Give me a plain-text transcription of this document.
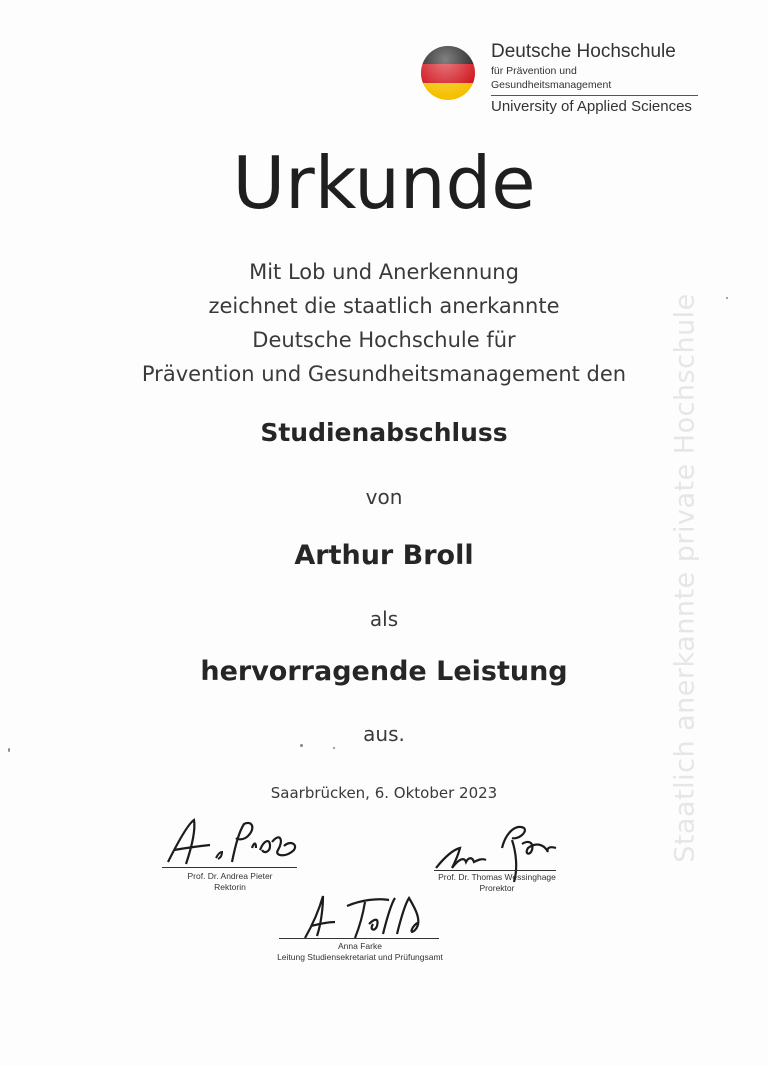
Deutsche Hochschule
für Prävention und Gesundheitsmanagement
University of Applied Sciences
Urkunde
Mit Lob und Anerkennung
zeichnet die staatlich anerkannte
Deutsche Hochschule für
Prävention und Gesundheitsmanagement den
Studienabschluss
von
Arthur Broll
als
hervorragende Leistung
aus.
Saarbrücken, 6. Oktober 2023	Staatlich anerkannte private Hochschule
Prof. Dr. Andrea Pieter
Rektorin
Prof. Dr. Thomas Wessinghage
Prorektor
Anna Farke
Leitung Studiensekretariat und Prüfungsamt
